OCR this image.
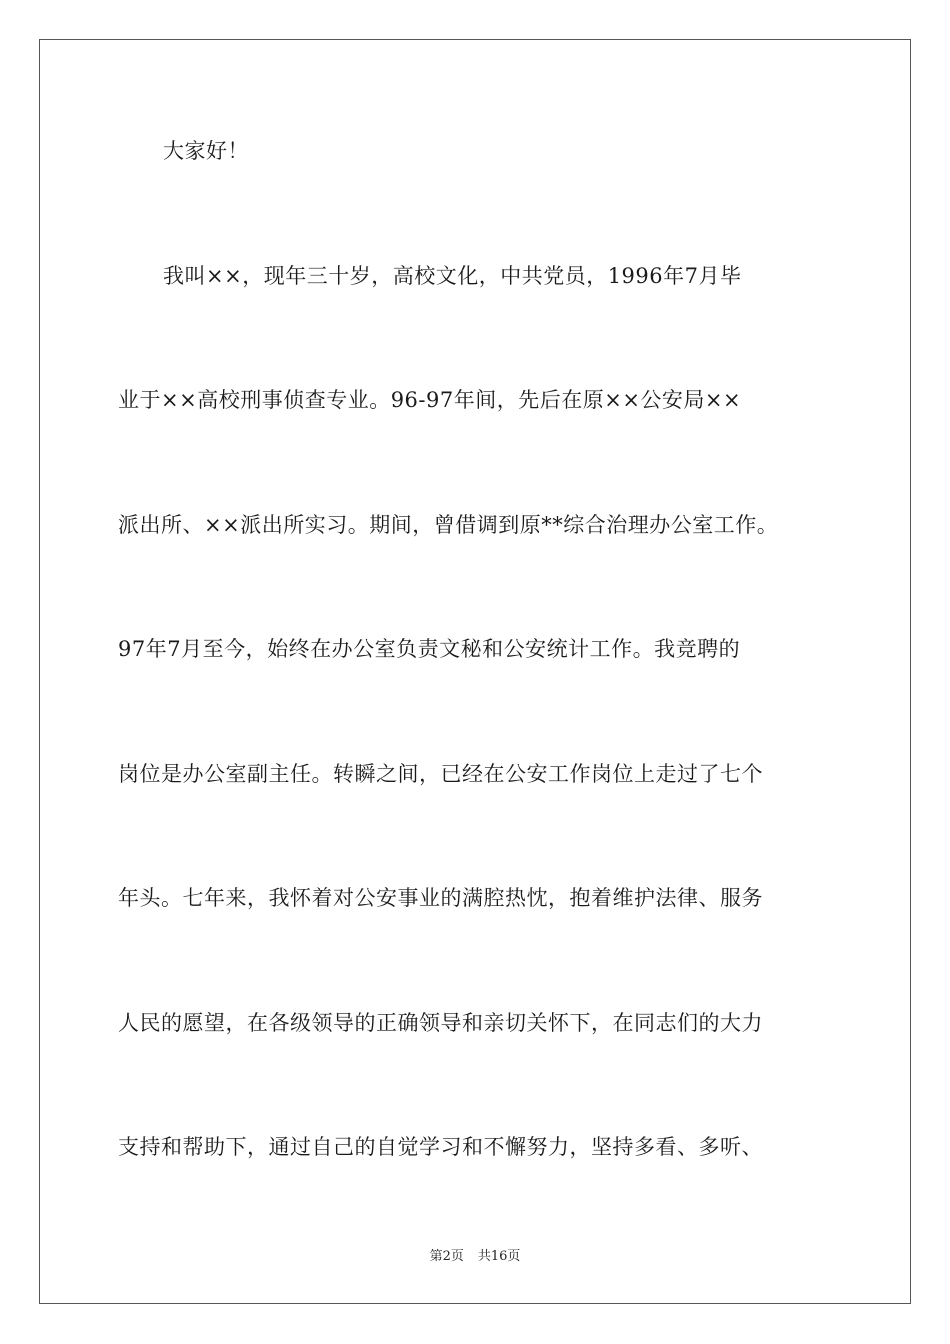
大家好！
我叫××，现年三十岁，高校文化，中共党员，1996年7月毕
业于××高校刑事侦查专业。96-97年间，先后在原××公安局××
派出所、××派出所实习。期间，曾借调到原**综合治理办公室工作。
97年7月至今，始终在办公室负责文秘和公安统计工作。我竞聘的
岗位是办公室副主任。转瞬之间，已经在公安工作岗位上走过了七个
年头。七年来，我怀着对公安事业的满腔热忱，抱着维护法律、服务
人民的愿望，在各级领导的正确领导和亲切关怀下，在同志们的大力
支持和帮助下，通过自己的自觉学习和不懈努力，坚持多看、多听、
第2页 共16页
